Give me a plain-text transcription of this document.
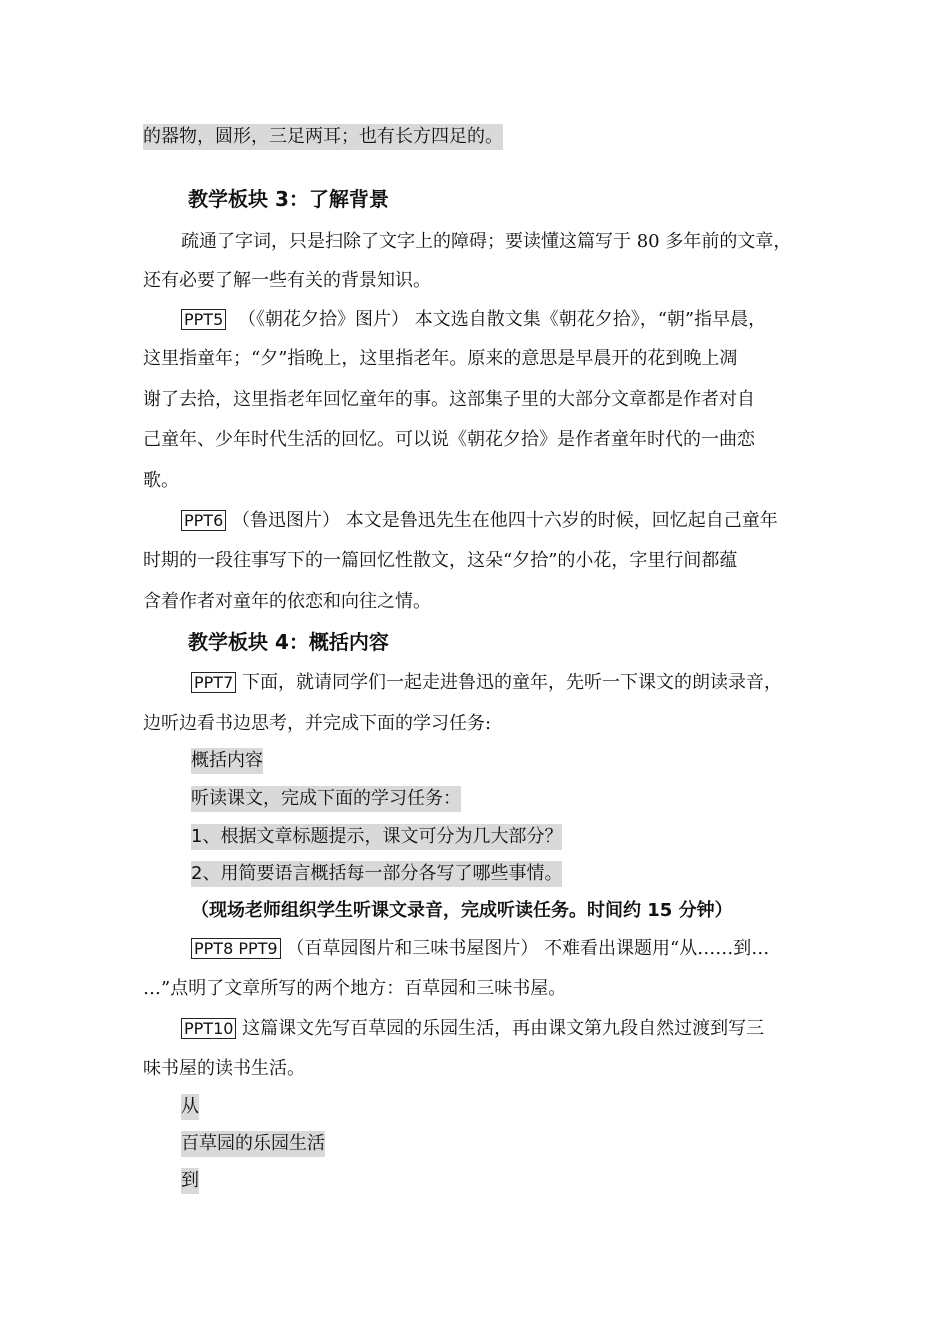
的器物，圆形，三足两耳；也有长方四足的。
教学板块 3：了解背景
疏通了字词，只是扫除了文字上的障碍；要读懂这篇写于 80 多年前的文章，
还有必要了解一些有关的背景知识。
PPT5 （《朝花夕拾》图片） 本文选自散文集《朝花夕拾》，“朝”指早晨，
这里指童年；“夕”指晚上，这里指老年。原来的意思是早晨开的花到晚上凋
谢了去拾，这里指老年回忆童年的事。这部集子里的大部分文章都是作者对自
己童年、少年时代生活的回忆。可以说《朝花夕拾》是作者童年时代的一曲恋
歌。
PPT6 （鲁迅图片） 本文是鲁迅先生在他四十六岁的时候，回忆起自己童年
时期的一段往事写下的一篇回忆性散文，这朵“夕拾”的小花，字里行间都蕴
含着作者对童年的依恋和向往之情。
教学板块 4：概括内容
PPT7 下面，就请同学们一起走进鲁迅的童年，先听一下课文的朗读录音，
边听边看书边思考，并完成下面的学习任务:
概括内容
听读课文，完成下面的学习任务：
1、根据文章标题提示，课文可分为几大部分？
2、用简要语言概括每一部分各写了哪些事情。
（现场老师组织学生听课文录音，完成听读任务。时间约 15 分钟）
PPT8 PPT9 （百草园图片和三味书屋图片） 不难看出课题用“从……到…
…”点明了文章所写的两个地方：百草园和三味书屋。
PPT10 这篇课文先写百草园的乐园生活，再由课文第九段自然过渡到写三
味书屋的读书生活。
从
百草园的乐园生活
到
